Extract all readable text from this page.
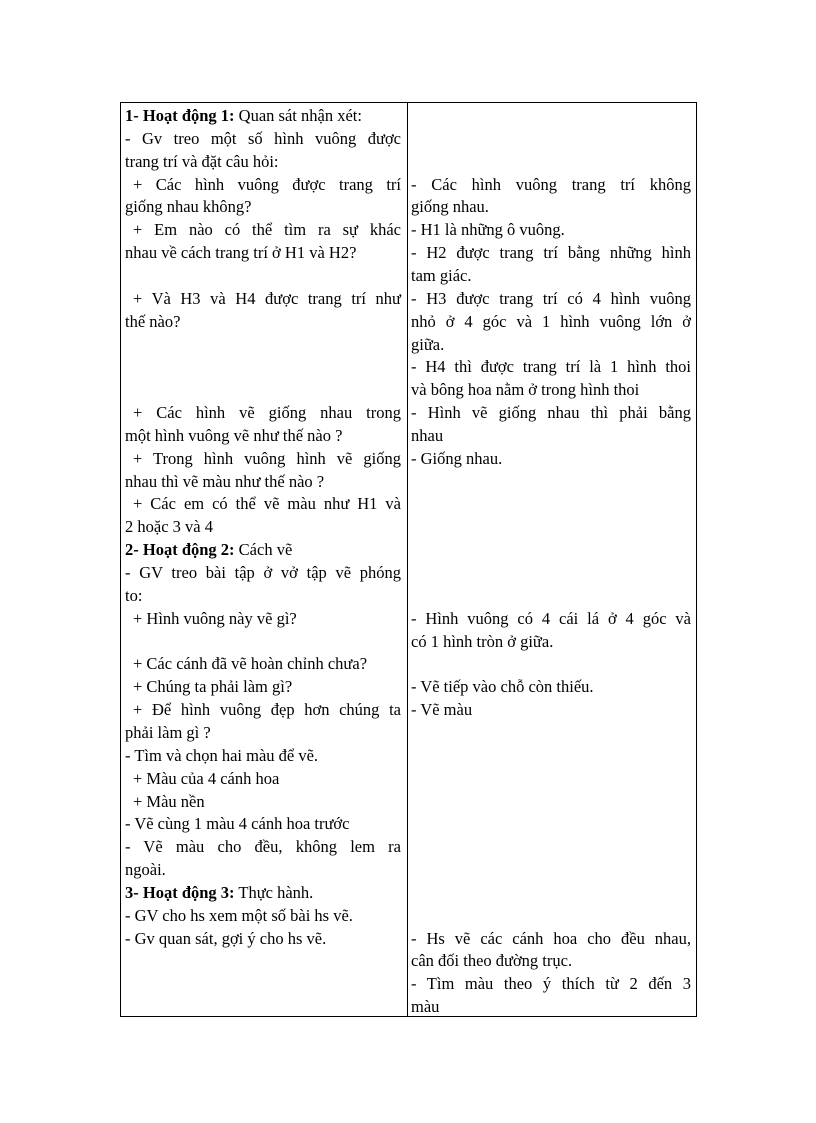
1- Hoạt động 1: Quan sát nhận xét:
- Gv treo một số hình vuông được
trang trí và đặt câu hỏi:
+ Các hình vuông được trang trí
giống nhau không?
+ Em nào có thể tìm ra sự khác
nhau về cách trang trí ở H1 và H2?
+ Và H3 và H4 được trang trí như
thế nào?
+ Các hình vẽ giống nhau trong
một hình vuông vẽ như thế nào ?
+ Trong hình vuông hình vẽ giống
nhau thì vẽ màu như thế nào ?
+ Các em có thể vẽ màu như H1 và
2 hoặc 3 và 4
2- Hoạt động 2: Cách vẽ
- GV treo bài tập ở vở tập vẽ phóng
to:
+ Hình vuông này vẽ gì?
+ Các cánh đã vẽ hoàn chỉnh chưa?
+ Chúng ta phải làm gì?
+ Để hình vuông đẹp hơn chúng ta
phải làm gì ?
- Tìm và chọn hai màu để vẽ.
+ Màu của 4 cánh hoa
+ Màu nền
- Vẽ cùng 1 màu 4 cánh hoa trước
- Vẽ màu cho đều, không lem ra
ngoài.
3- Hoạt động 3: Thực hành.
- GV cho hs xem một số bài hs vẽ.
- Gv quan sát, gợi ý cho hs vẽ.
- Các hình vuông trang trí không
giống nhau.
- H1 là những ô vuông.
- H2 được trang trí bằng những hình
tam giác.
- H3 được trang trí có 4 hình vuông
nhỏ ở 4 góc và 1 hình vuông lớn ở
giữa.
- H4 thì được trang trí là 1 hình thoi
và bông hoa nằm ở trong hình thoi
- Hình vẽ giống nhau thì phải bằng
nhau
- Giống nhau.
- Hình vuông có 4 cái lá ở 4 góc và
có 1 hình tròn ở giữa.
- Vẽ tiếp vào chỗ còn thiếu.
- Vẽ màu
- Hs vẽ các cánh hoa cho đều nhau,
cân đối theo đường trục.
- Tìm màu theo ý thích từ 2 đến 3
màu
